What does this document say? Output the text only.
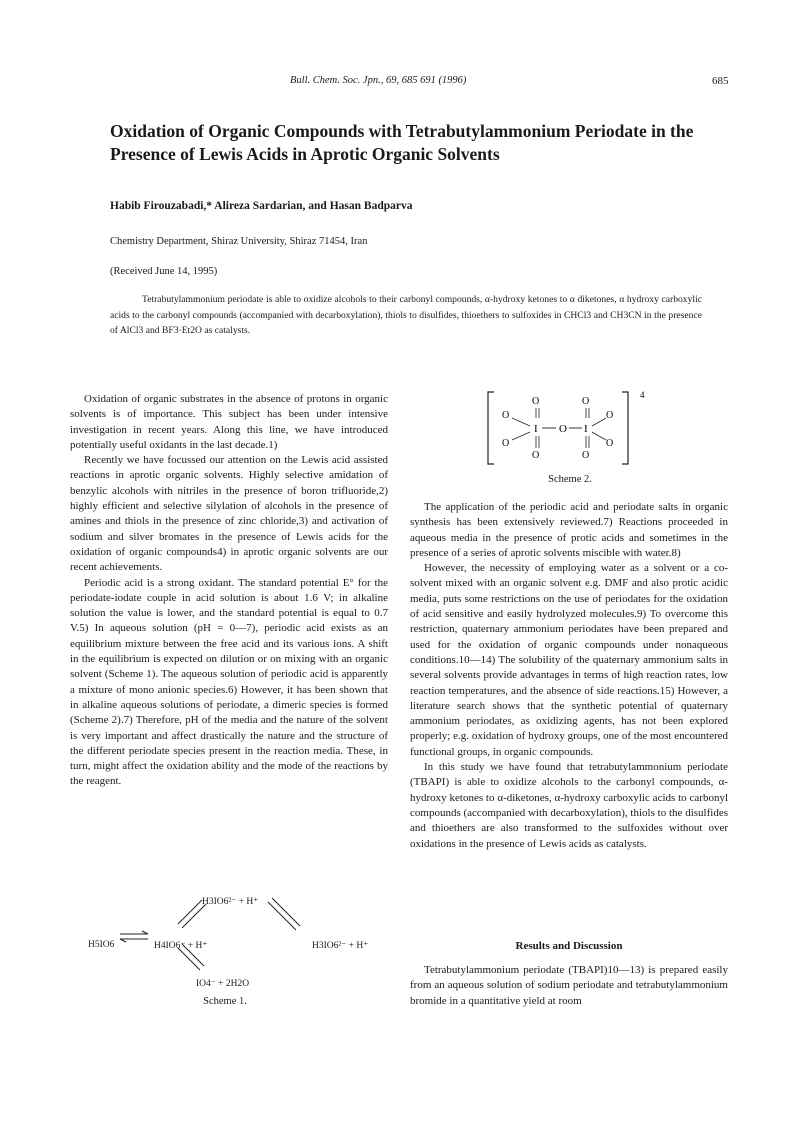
Bull. Chem. Soc. Jpn., 69, 685 691 (1996)	685
Oxidation of Organic Compounds with Tetrabutylammonium Periodate in the Presence of Lewis Acids in Aprotic Organic Solvents
Habib Firouzabadi,* Alireza Sardarian, and Hasan Badparva
Chemistry Department, Shiraz University, Shiraz 71454, Iran
(Received June 14, 1995)
Tetrabutylammonium periodate is able to oxidize alcohols to their carbonyl compounds, α-hydroxy ketones to α diketones, α hydroxy carboxylic acids to the carbonyl compounds (accompanied with decarboxylation), thiols to disulfides, thioethers to sulfoxides in CHCl3 and CH3CN in the presence of AlCl3 and BF3·Et2O as catalysts.

Oxidation of organic substrates in the absence of protons in organic solvents is of importance. This subject has been under intensive investigation in recent years. Along this line, we have introduced potentially useful oxidants in the last decade.1)

Recently we have focussed our attention on the Lewis acid assisted reactions in aprotic organic solvents. Highly selective amidation of benzylic alcohols with nitriles in the presence of boron trifluoride,2) highly efficient and selective silylation of alcohols in the presence of amines and thiols in the presence of zinc chloride,3) and activation of sodium and silver bromates in the presence of Lewis acids for the oxidation of organic compounds4) in aprotic organic solvents are our recent achievements.

Periodic acid is a strong oxidant. The standard potential E° for the periodate-iodate couple in acid solution is about 1.6 V; in alkaline solution the value is lower, and the standard potential is equal to 0.7 V.5) In aqueous solution (pH = 0—7), periodic acid exists as an equilibrium mixture between the free acid and its various ions. A shift in the equilibrium is expected on dilution or on mixing with an organic solvent (Scheme 1). The aqueous solution of periodic acid is apparently a mixture of mono anionic species.6) However, it has been shown that in alkaline aqueous solutions of periodate, a dimeric species is formed (Scheme 2).7) Therefore, pH of the media and the nature of the solvent is very important and affect drastically the nature and the structure of the different periodate species present in the reaction media. These, in turn, might affect the oxidation ability and the mode of the reactions by the reagent.

H3IO6²⁻ + H⁺
H5IO6	H4IO6⁻ + H⁺	H3IO6²⁻ + H⁺
IO4⁻ + 2H2O
Scheme 1.
4
I	I
O
O
O
O
O
O
O
O
O
Scheme 2.

The application of the periodic acid and periodate salts in organic synthesis has been extensively reviewed.7) Reactions proceeded in aqueous media in the presence of protic acids and sometimes in the presence of a series of aprotic solvents miscible with water.8)

However, the necessity of employing water as a solvent or a co-solvent mixed with an organic solvent e.g. DMF and also protic acidic media, puts some restrictions on the use of periodates for the oxidation of acid sensitive and easily hydrolyzed molecules.9) To overcome this restriction, quaternary ammonium periodates have been prepared and used for the oxidation of organic compounds under nonaqueous conditions.10—14) The solubility of the quaternary ammonium salts in several solvents provide advantages in terms of high reaction rates, low reaction temperatures, and the absence of side reactions.15) However, a literature search shows that the synthetic potential of quaternary ammonium periodates, as oxidizing agents, has not been explored properly; e.g. oxidation of hydroxy groups, one of the most encountered functional groups, in organic compounds.

In this study we have found that tetrabutylammonium periodate (TBAPI) is able to oxidize alcohols to the carbonyl compounds, α-hydroxy ketones to α-diketones, α-hydroxy carboxylic acids to carbonyl compounds (accompanied with decarboxylation), thiols to the disulfides and thioethers are also transformed to the sulfoxides without over oxidations in the presence of Lewis acids as catalysts.

Results and Discussion

Tetrabutylammonium periodate (TBAPI)10—13) is prepared easily from an aqueous solution of sodium periodate and tetrabutylammonium bromide in a quantitative yield at room
